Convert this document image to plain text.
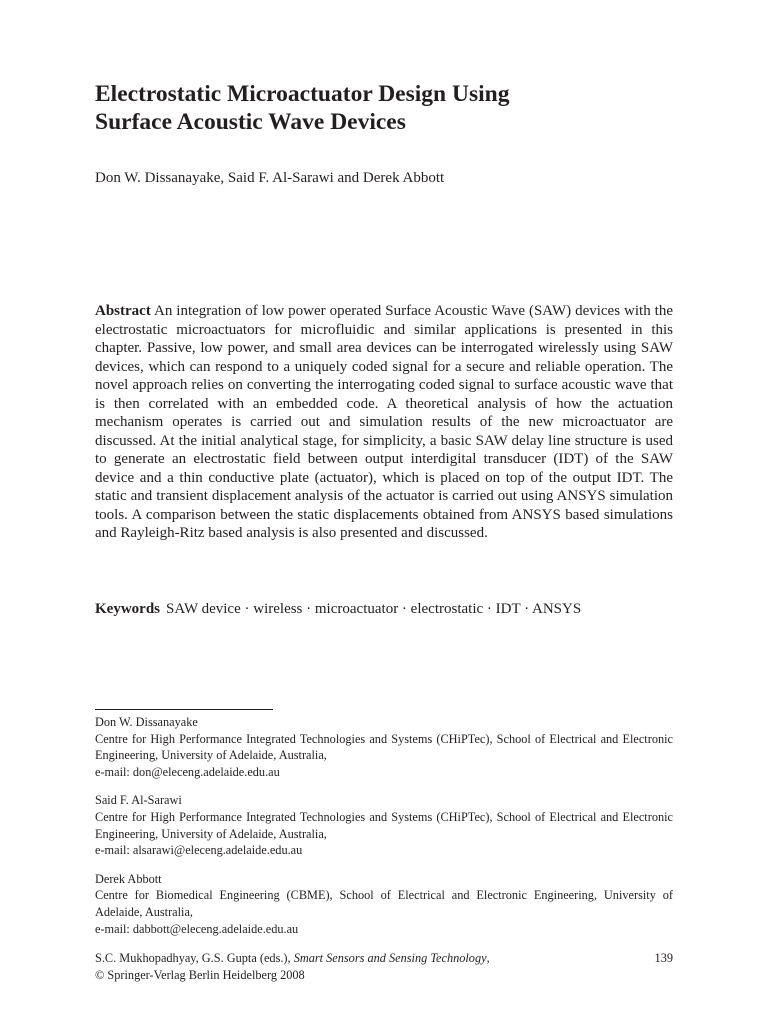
Electrostatic Microactuator Design Using
Surface Acoustic Wave Devices
Don W. Dissanayake, Said F. Al-Sarawi and Derek Abbott

Abstract An integration of low power operated Surface Acoustic Wave (SAW) devices with the electrostatic microactuators for microfluidic and similar applications is presented in this chapter. Passive, low power, and small area devices can be interrogated wirelessly using SAW devices, which can respond to a uniquely coded signal for a secure and reliable operation. The novel approach relies on converting the interrogating coded signal to surface acoustic wave that is then correlated with an embedded code. A theoretical analysis of how the actuation mechanism operates is carried out and simulation results of the new microactuator are discussed. At the initial analytical stage, for simplicity, a basic SAW delay line structure is used to generate an electrostatic field between output interdigital transducer (IDT) of the SAW device and a thin conductive plate (actuator), which is placed on top of the output IDT. The static and transient displacement analysis of the actuator is carried out using ANSYS simulation tools. A comparison between the static displacements obtained from ANSYS based simulations and Rayleigh-Ritz based analysis is also presented and discussed.

Keywords SAW device · wireless · microactuator · electrostatic · IDT · ANSYS
Don W. Dissanayake
Centre for High Performance Integrated Technologies and Systems (CHiPTec), School of Electrical and Electronic Engineering, University of Adelaide, Australia,
e-mail: don@eleceng.adelaide.edu.au
Said F. Al-Sarawi
Centre for High Performance Integrated Technologies and Systems (CHiPTec), School of Electrical and Electronic Engineering, University of Adelaide, Australia,
e-mail: alsarawi@eleceng.adelaide.edu.au
Derek Abbott
Centre for Biomedical Engineering (CBME), School of Electrical and Electronic Engineering, University of Adelaide, Australia,
e-mail: dabbott@eleceng.adelaide.edu.au
S.C. Mukhopadhyay, G.S. Gupta (eds.), Smart Sensors and Sensing Technology,	139
© Springer-Verlag Berlin Heidelberg 2008
